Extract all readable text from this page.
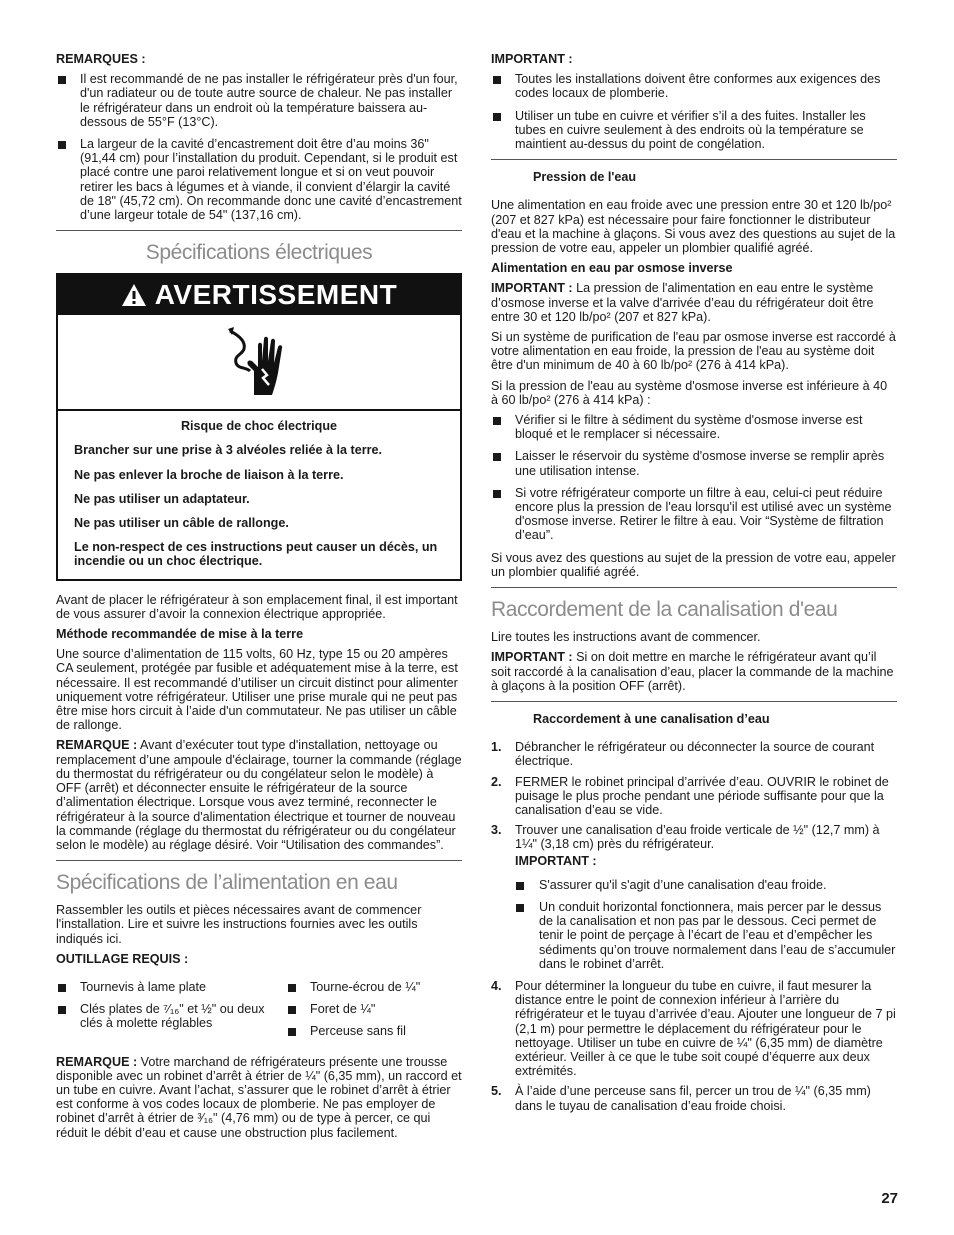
REMARQUES :
Il est recommandé de ne pas installer le réfrigérateur près d'un four, d'un radiateur ou de toute autre source de chaleur. Ne pas installer le réfrigérateur dans un endroit où la température baissera au-dessous de 55°F (13°C).
La largeur de la cavité d’encastrement doit être d’au moins 36" (91,44 cm) pour l’installation du produit. Cependant, si le produit est placé contre une paroi relativement longue et si on veut pouvoir retirer les bacs à légumes et à viande, il convient d’élargir la cavité de 18" (45,72 cm). On recommande donc une cavité d’encastrement d’une largeur totale de 54" (137,16 cm).
Spécifications électriques
AVERTISSEMENT
Risque de choc électrique
Brancher sur une prise à 3 alvéoles reliée à la terre.
Ne pas enlever la broche de liaison à la terre.
Ne pas utiliser un adaptateur.
Ne pas utiliser un câble de rallonge.
Le non-respect de ces instructions peut causer un décès, un incendie ou un choc électrique.

Avant de placer le réfrigérateur à son emplacement final, il est important de vous assurer d’avoir la connexion électrique appropriée.

Méthode recommandée de mise à la terre

Une source d’alimentation de 115 volts, 60 Hz, type 15 ou 20 ampères CA seulement, protégée par fusible et adéquatement mise à la terre, est nécessaire. Il est recommandé d’utiliser un circuit distinct pour alimenter uniquement votre réfrigérateur. Utiliser une prise murale qui ne peut pas être mise hors circuit à l’aide d'un commutateur. Ne pas utiliser un câble de rallonge.

REMARQUE : Avant d’exécuter tout type d'installation, nettoyage ou remplacement d’une ampoule d'éclairage, tourner la commande (réglage du thermostat du réfrigérateur ou du congélateur selon le modèle) à OFF (arrêt) et déconnecter ensuite le réfrigérateur de la source d’alimentation électrique. Lorsque vous avez terminé, reconnecter le réfrigérateur à la source d'alimentation électrique et tourner de nouveau la commande (réglage du thermostat du réfrigérateur ou du congélateur selon le modèle) au réglage désiré. Voir “Utilisation des commandes”.

Spécifications de l’alimentation en eau

Rassembler les outils et pièces nécessaires avant de commencer l'installation. Lire et suivre les instructions fournies avec les outils indiqués ici.

OUTILLAGE REQUIS :
Tournevis à lame plate
Clés plates de ⁷⁄₁₆" et ½" ou deux clés à molette réglables
Tourne-écrou de ¼"
Foret de ¼"
Perceuse sans fil

REMARQUE : Votre marchand de réfrigérateurs présente une trousse disponible avec un robinet d’arrêt à étrier de ¼" (6,35 mm), un raccord et un tube en cuivre. Avant l’achat, s’assurer que le robinet d’arrêt à étrier est conforme à vos codes locaux de plomberie. Ne pas employer de robinet d’arrêt à étrier de ³⁄₁₆" (4,76 mm) ou de type à percer, ce qui réduit le débit d’eau et cause une obstruction plus facilement.

IMPORTANT :
Toutes les installations doivent être conformes aux exigences des codes locaux de plomberie.
Utiliser un tube en cuivre et vérifier s’il a des fuites. Installer les tubes en cuivre seulement à des endroits où la température se maintient au-dessus du point de congélation.
Pression de l'eau

Une alimentation en eau froide avec une pression entre 30 et 120 lb/po² (207 et 827 kPa) est nécessaire pour faire fonctionner le distributeur d'eau et la machine à glaçons. Si vous avez des questions au sujet de la pression de votre eau, appeler un plombier qualifié agréé.

Alimentation en eau par osmose inverse

IMPORTANT : La pression de l'alimentation en eau entre le système d’osmose inverse et la valve d'arrivée d’eau du réfrigérateur doit être entre 30 et 120 lb/po² (207 et 827 kPa).

Si un système de purification de l'eau par osmose inverse est raccordé à votre alimentation en eau froide, la pression de l'eau au système doit être d'un minimum de 40 à 60 lb/po² (276 à 414 kPa).

Si la pression de l'eau au système d'osmose inverse est inférieure à 40 à 60 lb/po² (276 à 414 kPa) :

Vérifier si le filtre à sédiment du système d'osmose inverse est bloqué et le remplacer si nécessaire.
Laisser le réservoir du système d'osmose inverse se remplir après une utilisation intense.
Si votre réfrigérateur comporte un filtre à eau, celui-ci peut réduire encore plus la pression de l'eau lorsqu'il est utilisé avec un système d'osmose inverse. Retirer le filtre à eau. Voir “Système de filtration d’eau”.

Si vous avez des questions au sujet de la pression de votre eau, appeler un plombier qualifié agréé.

Raccordement de la canalisation d'eau

Lire toutes les instructions avant de commencer.

IMPORTANT : Si on doit mettre en marche le réfrigérateur avant qu’il soit raccordé à la canalisation d’eau, placer la commande de la machine à glaçons à la position OFF (arrêt).

Raccordement à une canalisation d’eau
1. Débrancher le réfrigérateur ou déconnecter la source de courant électrique.
2. FERMER le robinet principal d’arrivée d’eau. OUVRIR le robinet de puisage le plus proche pendant une période suffisante pour que la canalisation d’eau se vide.
3. Trouver une canalisation d’eau froide verticale de ½" (12,7 mm) à 1¼" (3,18 cm) près du réfrigérateur.
IMPORTANT :
S'assurer qu'il s'agit d’une canalisation d'eau froide.
Un conduit horizontal fonctionnera, mais percer par le dessus de la canalisation et non pas par le dessous. Ceci permet de tenir le point de perçage à l’écart de l’eau et d’empêcher les sédiments qu’on trouve normalement dans l’eau de s’accumuler dans le robinet d’arrêt.
4. Pour déterminer la longueur du tube en cuivre, il faut mesurer la distance entre le point de connexion inférieur à l’arrière du réfrigérateur et le tuyau d’arrivée d’eau. Ajouter une longueur de 7 pi (2,1 m) pour permettre le déplacement du réfrigérateur pour le nettoyage. Utiliser un tube en cuivre de ¼" (6,35 mm) de diamètre extérieur. Veiller à ce que le tube soit coupé d’équerre aux deux extrémités.
5. À l’aide d’une perceuse sans fil, percer un trou de ¼" (6,35 mm) dans le tuyau de canalisation d’eau froide choisi.
27
